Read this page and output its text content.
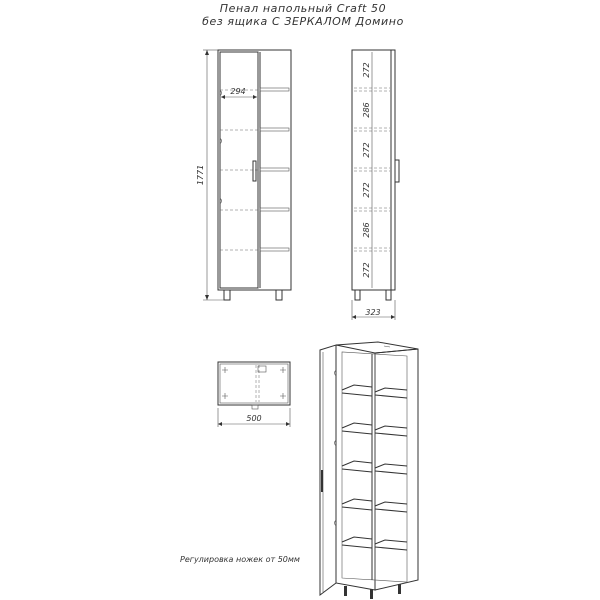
Пенал напольный Craft 50
без ящика С ЗЕРКАЛОМ Домино
294
1771
272
286
272
272
286
272
323
500
Регулировка ножек от 50мм
